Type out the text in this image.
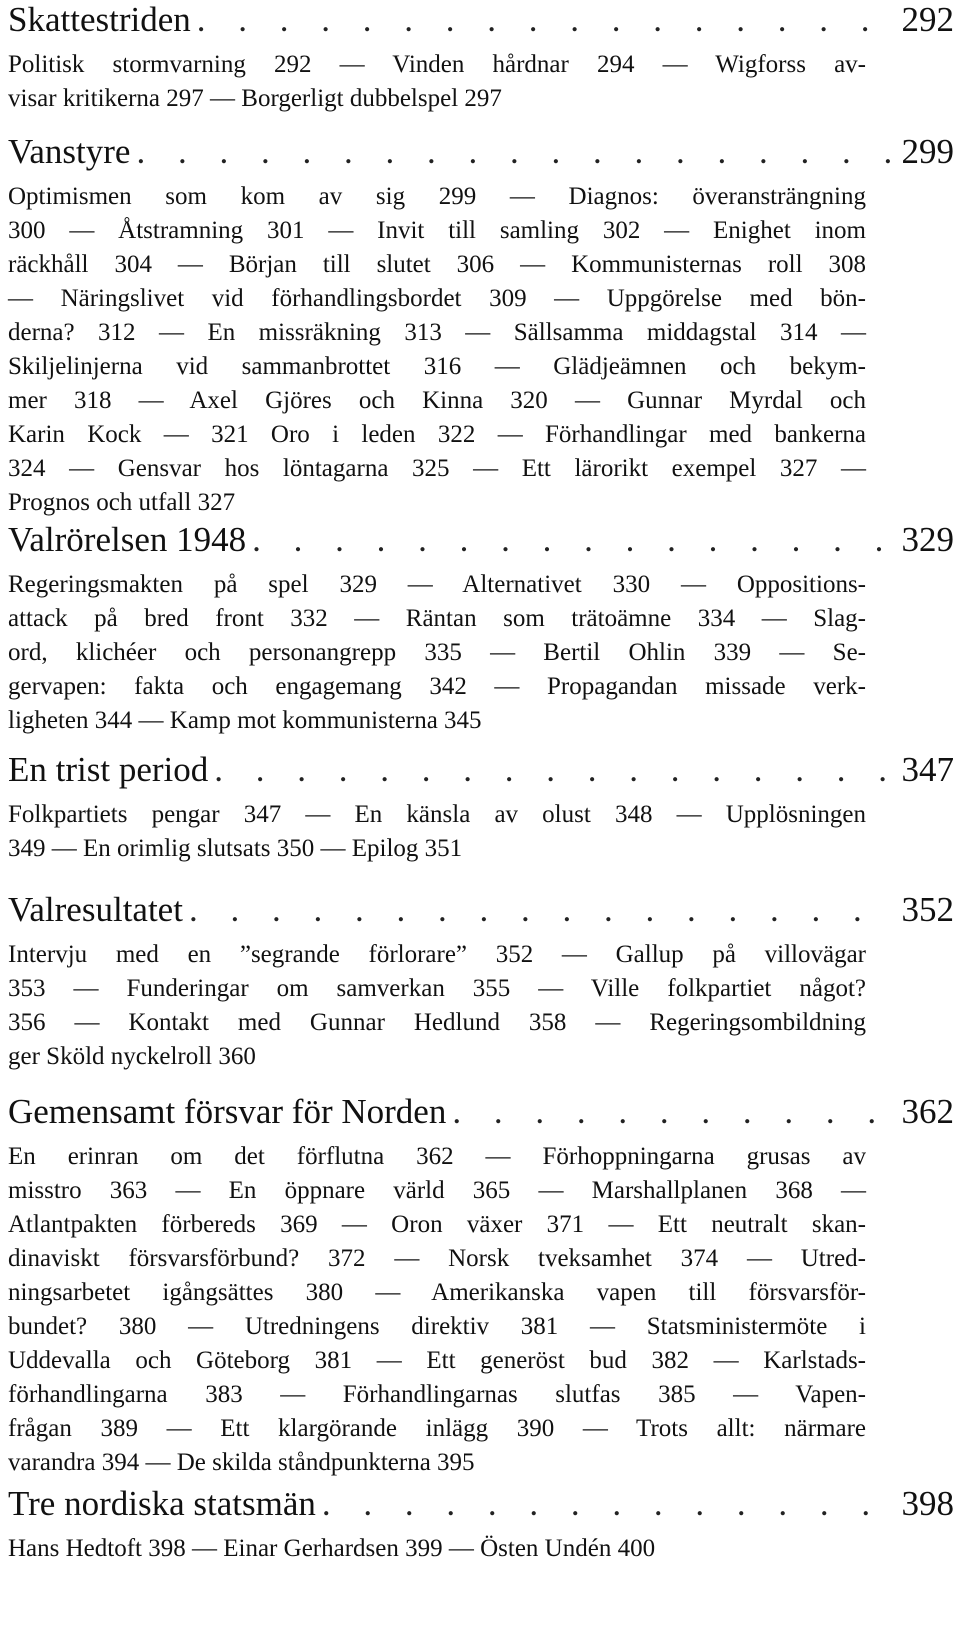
Skattestriden . . .	292
Politisk stormvarning 292 — Vinden hårdnar 294 — Wigforss av-
visar kritikerna 297 — Borgerligt dubbelspel 297
Vanstyre . . .	299
Optimismen som kom av sig 299 — Diagnos: överansträngning
300 — Åtstramning 301 — Invit till samling 302 — Enighet inom
räckhåll 304 — Början till slutet 306 — Kommunisternas roll 308
— Näringslivet vid förhandlingsbordet 309 — Uppgörelse med bön-
derna? 312 — En missräkning 313 — Sällsamma middagstal 314 —
Skiljelinjerna vid sammanbrottet 316 — Glädjeämnen och bekym-
mer 318 — Axel Gjöres och Kinna 320 — Gunnar Myrdal och
Karin Kock — 321 Oro i leden 322 — Förhandlingar med bankerna
324 — Gensvar hos löntagarna 325 — Ett lärorikt exempel 327 —
Prognos och utfall 327
Valrörelsen 1948 . . .	329
Regeringsmakten på spel 329 — Alternativet 330 — Oppositions-
attack på bred front 332 — Räntan som trätoämne 334 — Slag-
ord, klichéer och personangrepp 335 — Bertil Ohlin 339 — Se-
gervapen: fakta och engagemang 342 — Propagandan missade verk-
ligheten 344 — Kamp mot kommunisterna 345
En trist period . . .	347
Folkpartiets pengar 347 — En känsla av olust 348 — Upplösningen
349 — En orimlig slutsats 350 — Epilog 351
Valresultatet . . .	352
Intervju med en ”segrande förlorare” 352 — Gallup på villovägar
353 — Funderingar om samverkan 355 — Ville folkpartiet något?
356 — Kontakt med Gunnar Hedlund 358 — Regeringsombildning
ger Sköld nyckelroll 360
Gemensamt försvar för Norden . . .	362
En erinran om det förflutna 362 — Förhoppningarna grusas av
misstro 363 — En öppnare värld 365 — Marshallplanen 368 —
Atlantpakten förbereds 369 — Oron växer 371 — Ett neutralt skan-
dinaviskt försvarsförbund? 372 — Norsk tveksamhet 374 — Utred-
ningsarbetet igångsättes 380 — Amerikanska vapen till försvarsför-
bundet? 380 — Utredningens direktiv 381 — Statsministermöte i
Uddevalla och Göteborg 381 — Ett generöst bud 382 — Karlstads-
förhandlingarna 383 — Förhandlingarnas slutfas 385 — Vapen-
frågan 389 — Ett klargörande inlägg 390 — Trots allt: närmare
varandra 394 — De skilda ståndpunkterna 395
Tre nordiska statsmän . . .	398
Hans Hedtoft 398 — Einar Gerhardsen 399 — Östen Undén 400
